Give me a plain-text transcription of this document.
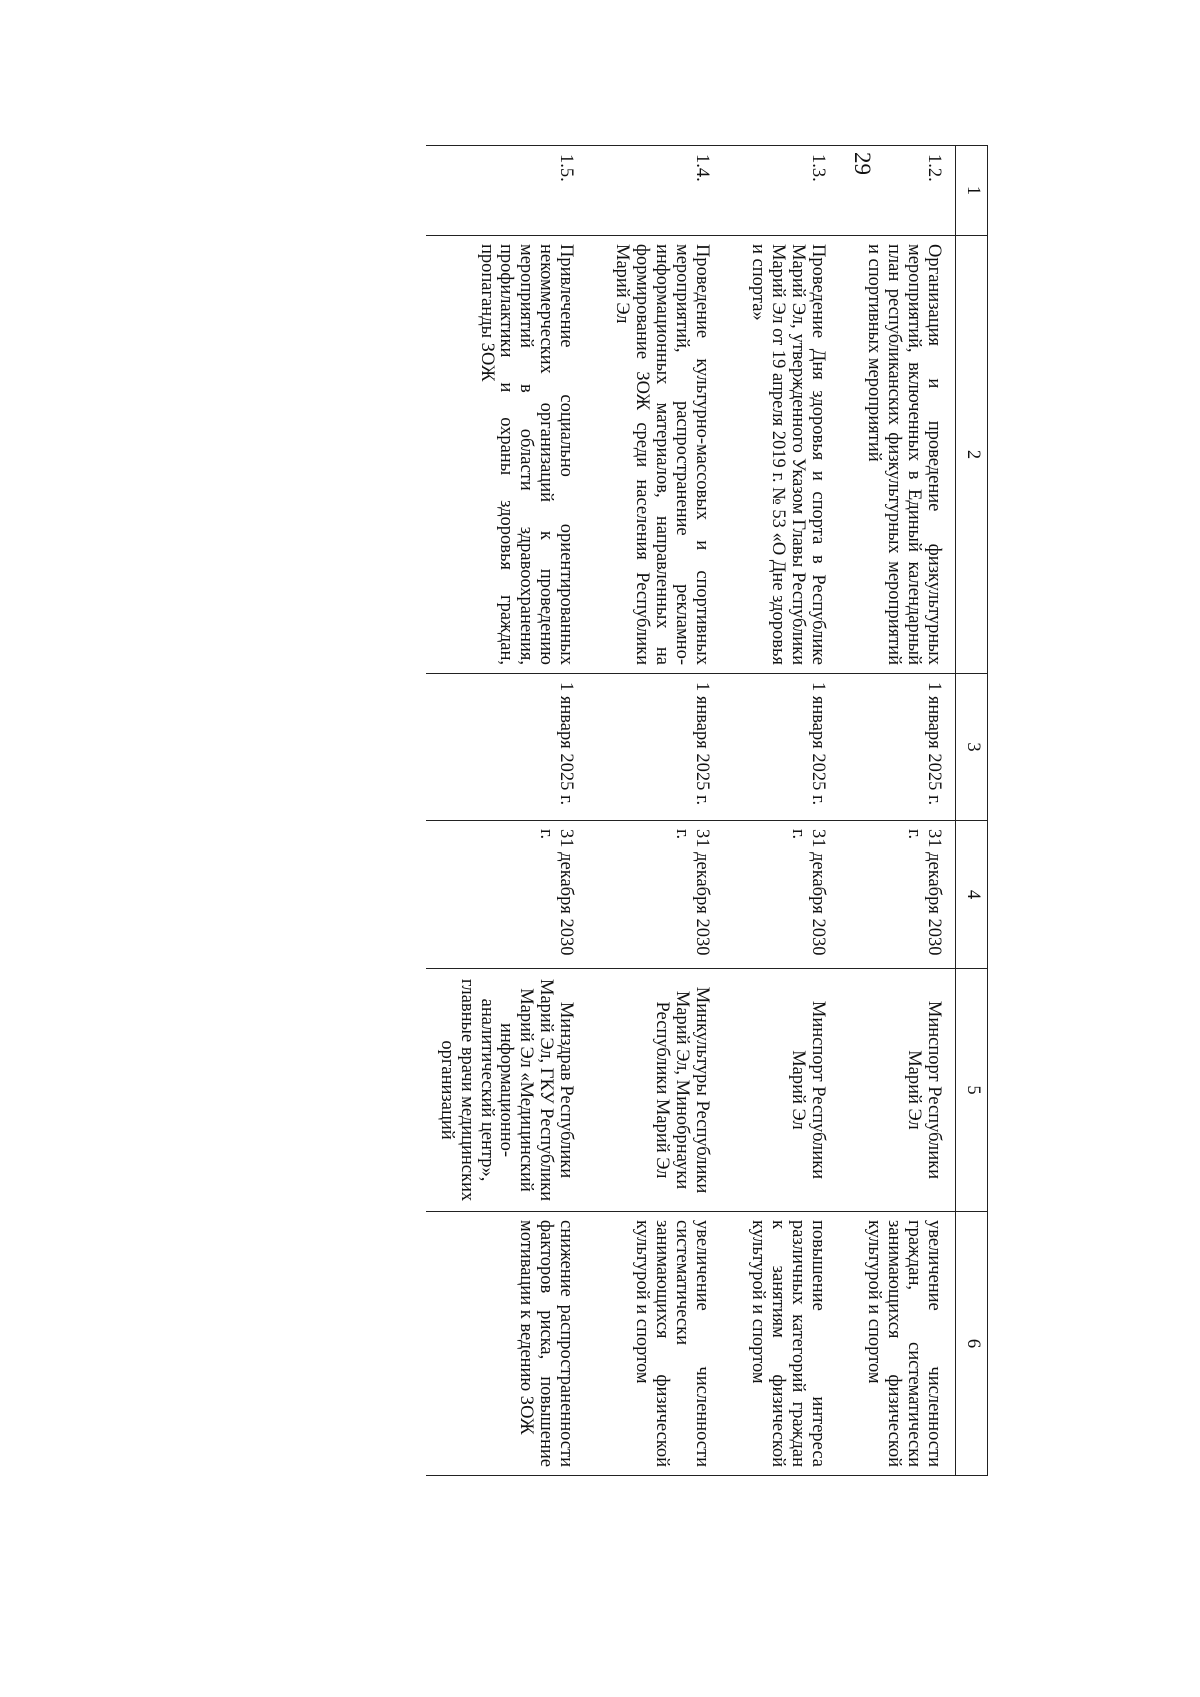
29
1	2	3	4	5	6
1.2.	Организация и проведение физкультурных мероприятий, включенных в Единый календарный план республиканских физкультурных мероприятий и спортивных мероприятий	1 января 2025 г.	31 декабря 2030 г.	Минспорт Республики Марий Эл	увеличение численности граждан, систематически занимающихся физической культурой и спортом
1.3.	Проведение Дня здоровья и спорта в Республике Марий Эл, утвержденного Указом Главы Республики Марий Эл от 19 апреля 2019 г. № 53 «О Дне здоровья и спорта»	1 января 2025 г.	31 декабря 2030 г.	Минспорт Республики Марий Эл	повышение интереса различных категорий граждан к занятиям физической культурой и спортом
1.4.	Проведение культурно-массовых и спортивных мероприятий, распространение рекламно-информационных материалов, направленных на формирование ЗОЖ среди населения Республики Марий Эл	1 января 2025 г.	31 декабря 2030 г.	Минкультуры Республики Марий Эл, Минобрнауки Республики Марий Эл	увеличение численности систематически занимающихся физической культурой и спортом
1.5.	Привлечение социально ориентированных некоммерческих организаций к проведению мероприятий в области здравоохранения, профилактики и охраны здоровья граждан, пропаганды ЗОЖ	1 января 2025 г.	31 декабря 2030 г.	Минздрав Республики Марий Эл, ГКУ Республики Марий Эл «Медицинский информационно-аналитический центр», главные врачи медицинских организаций	снижение распространенности факторов риска, повышение мотивации к ведению ЗОЖ
